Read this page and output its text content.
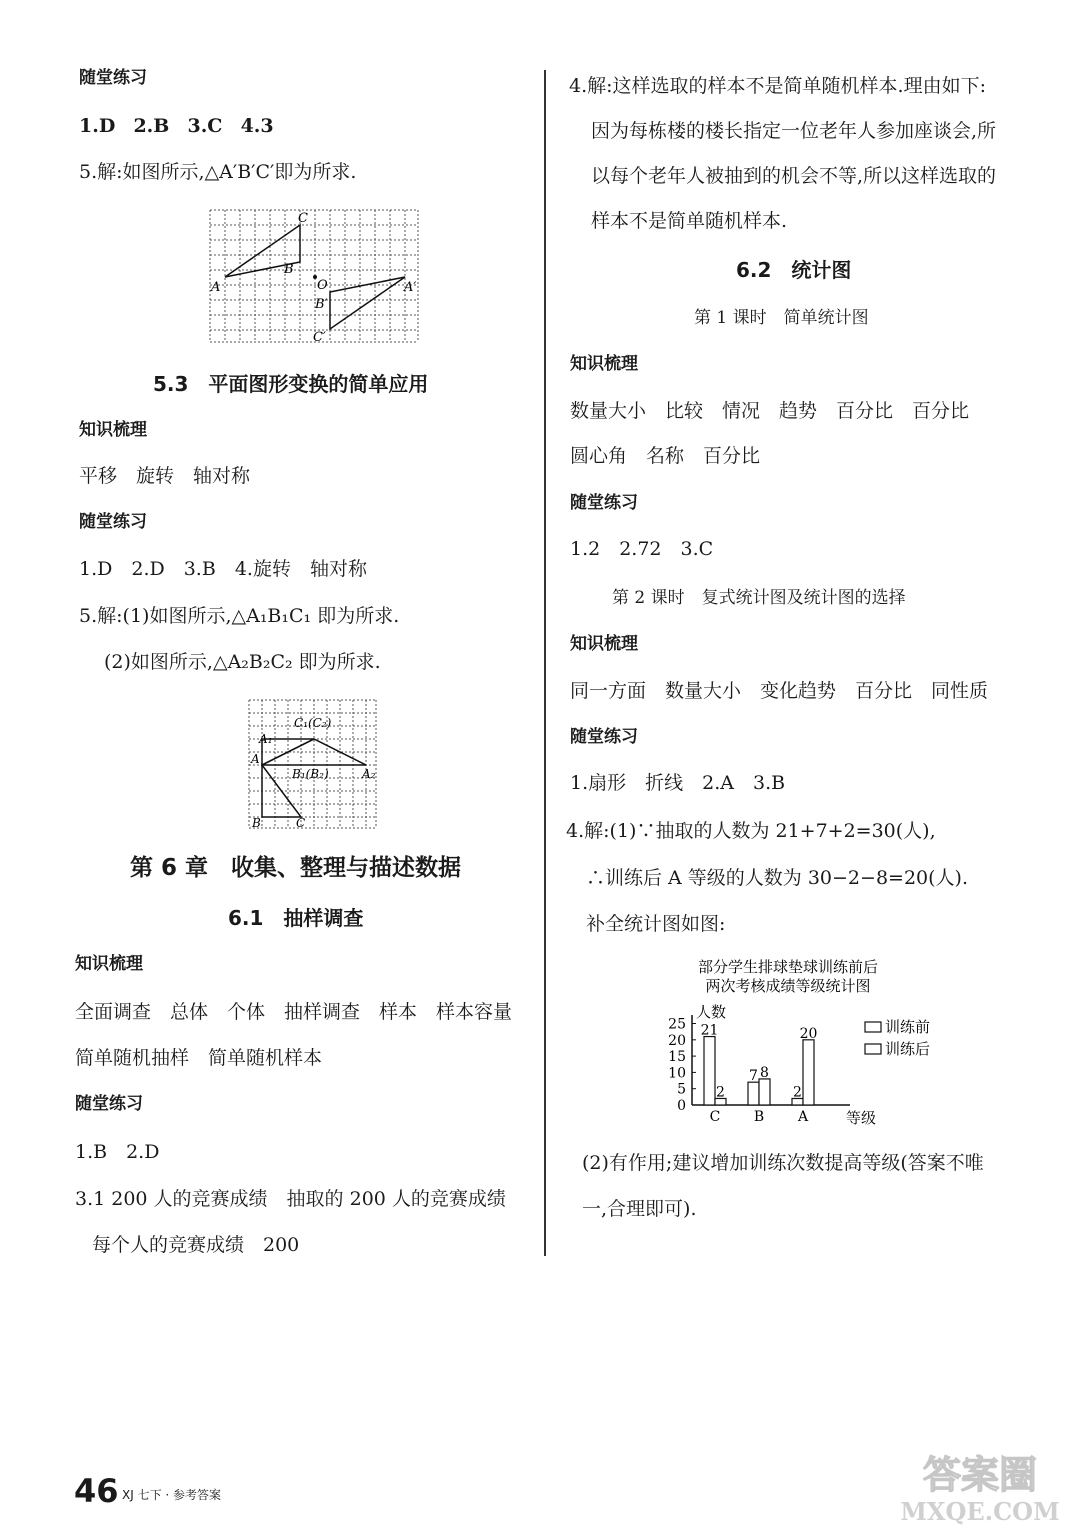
随堂练习
1.D 2.B 3.C 4.3
5.解:如图所示,△A′B′C′即为所求.
C
B
A	O
B′
A′
C′
5.3　平面图形变换的简单应用
知识梳理
平移　旋转　轴对称
随堂练习
1.D　2.D　3.B　4.旋转　轴对称
5.解:(1)如图所示,△A₁B₁C₁ 即为所求.
(2)如图所示,△A₂B₂C₂ 即为所求.
C₁(C₂)
A₁
A
B₁(B₂)	A₂
B	C
第 6 章　收集、整理与描述数据
6.1　抽样调查
知识梳理
全面调查　总体　个体　抽样调查　样本　样本容量
简单随机抽样　简单随机样本
随堂练习
1.B　2.D
3.1 200 人的竞赛成绩　抽取的 200 人的竞赛成绩
每个人的竞赛成绩　200
4.解:这样选取的样本不是简单随机样本.理由如下:
因为每栋楼的楼长指定一位老年人参加座谈会,所
以每个老年人被抽到的机会不等,所以这样选取的
样本不是简单随机样本.
6.2　统计图
第 1 课时　简单统计图
知识梳理
数量大小　比较　情况　趋势　百分比　百分比
圆心角　名称　百分比
随堂练习
1.2　2.72　3.C
第 2 课时　复式统计图及统计图的选择
知识梳理
同一方面　数量大小　变化趋势　百分比　同性质
随堂练习
1.扇形　折线　2.A　3.B
4.解:(1)∵抽取的人数为 21+7+2=30(人),
∴训练后 A 等级的人数为 30−2−8=20(人).
补全统计图如图:
部分学生排球垫球训练前后
两次考核成绩等级统计图
人数
等级
0
5
10
15
20
25 21
2
C
7 8
B
2
20
A
训练前
训练后
(2)有作用;建议增加训练次数提高等级(答案不唯
一,合理即可).
46 XJ 七下 · 参考答案	答案圈
MXQE.COM
